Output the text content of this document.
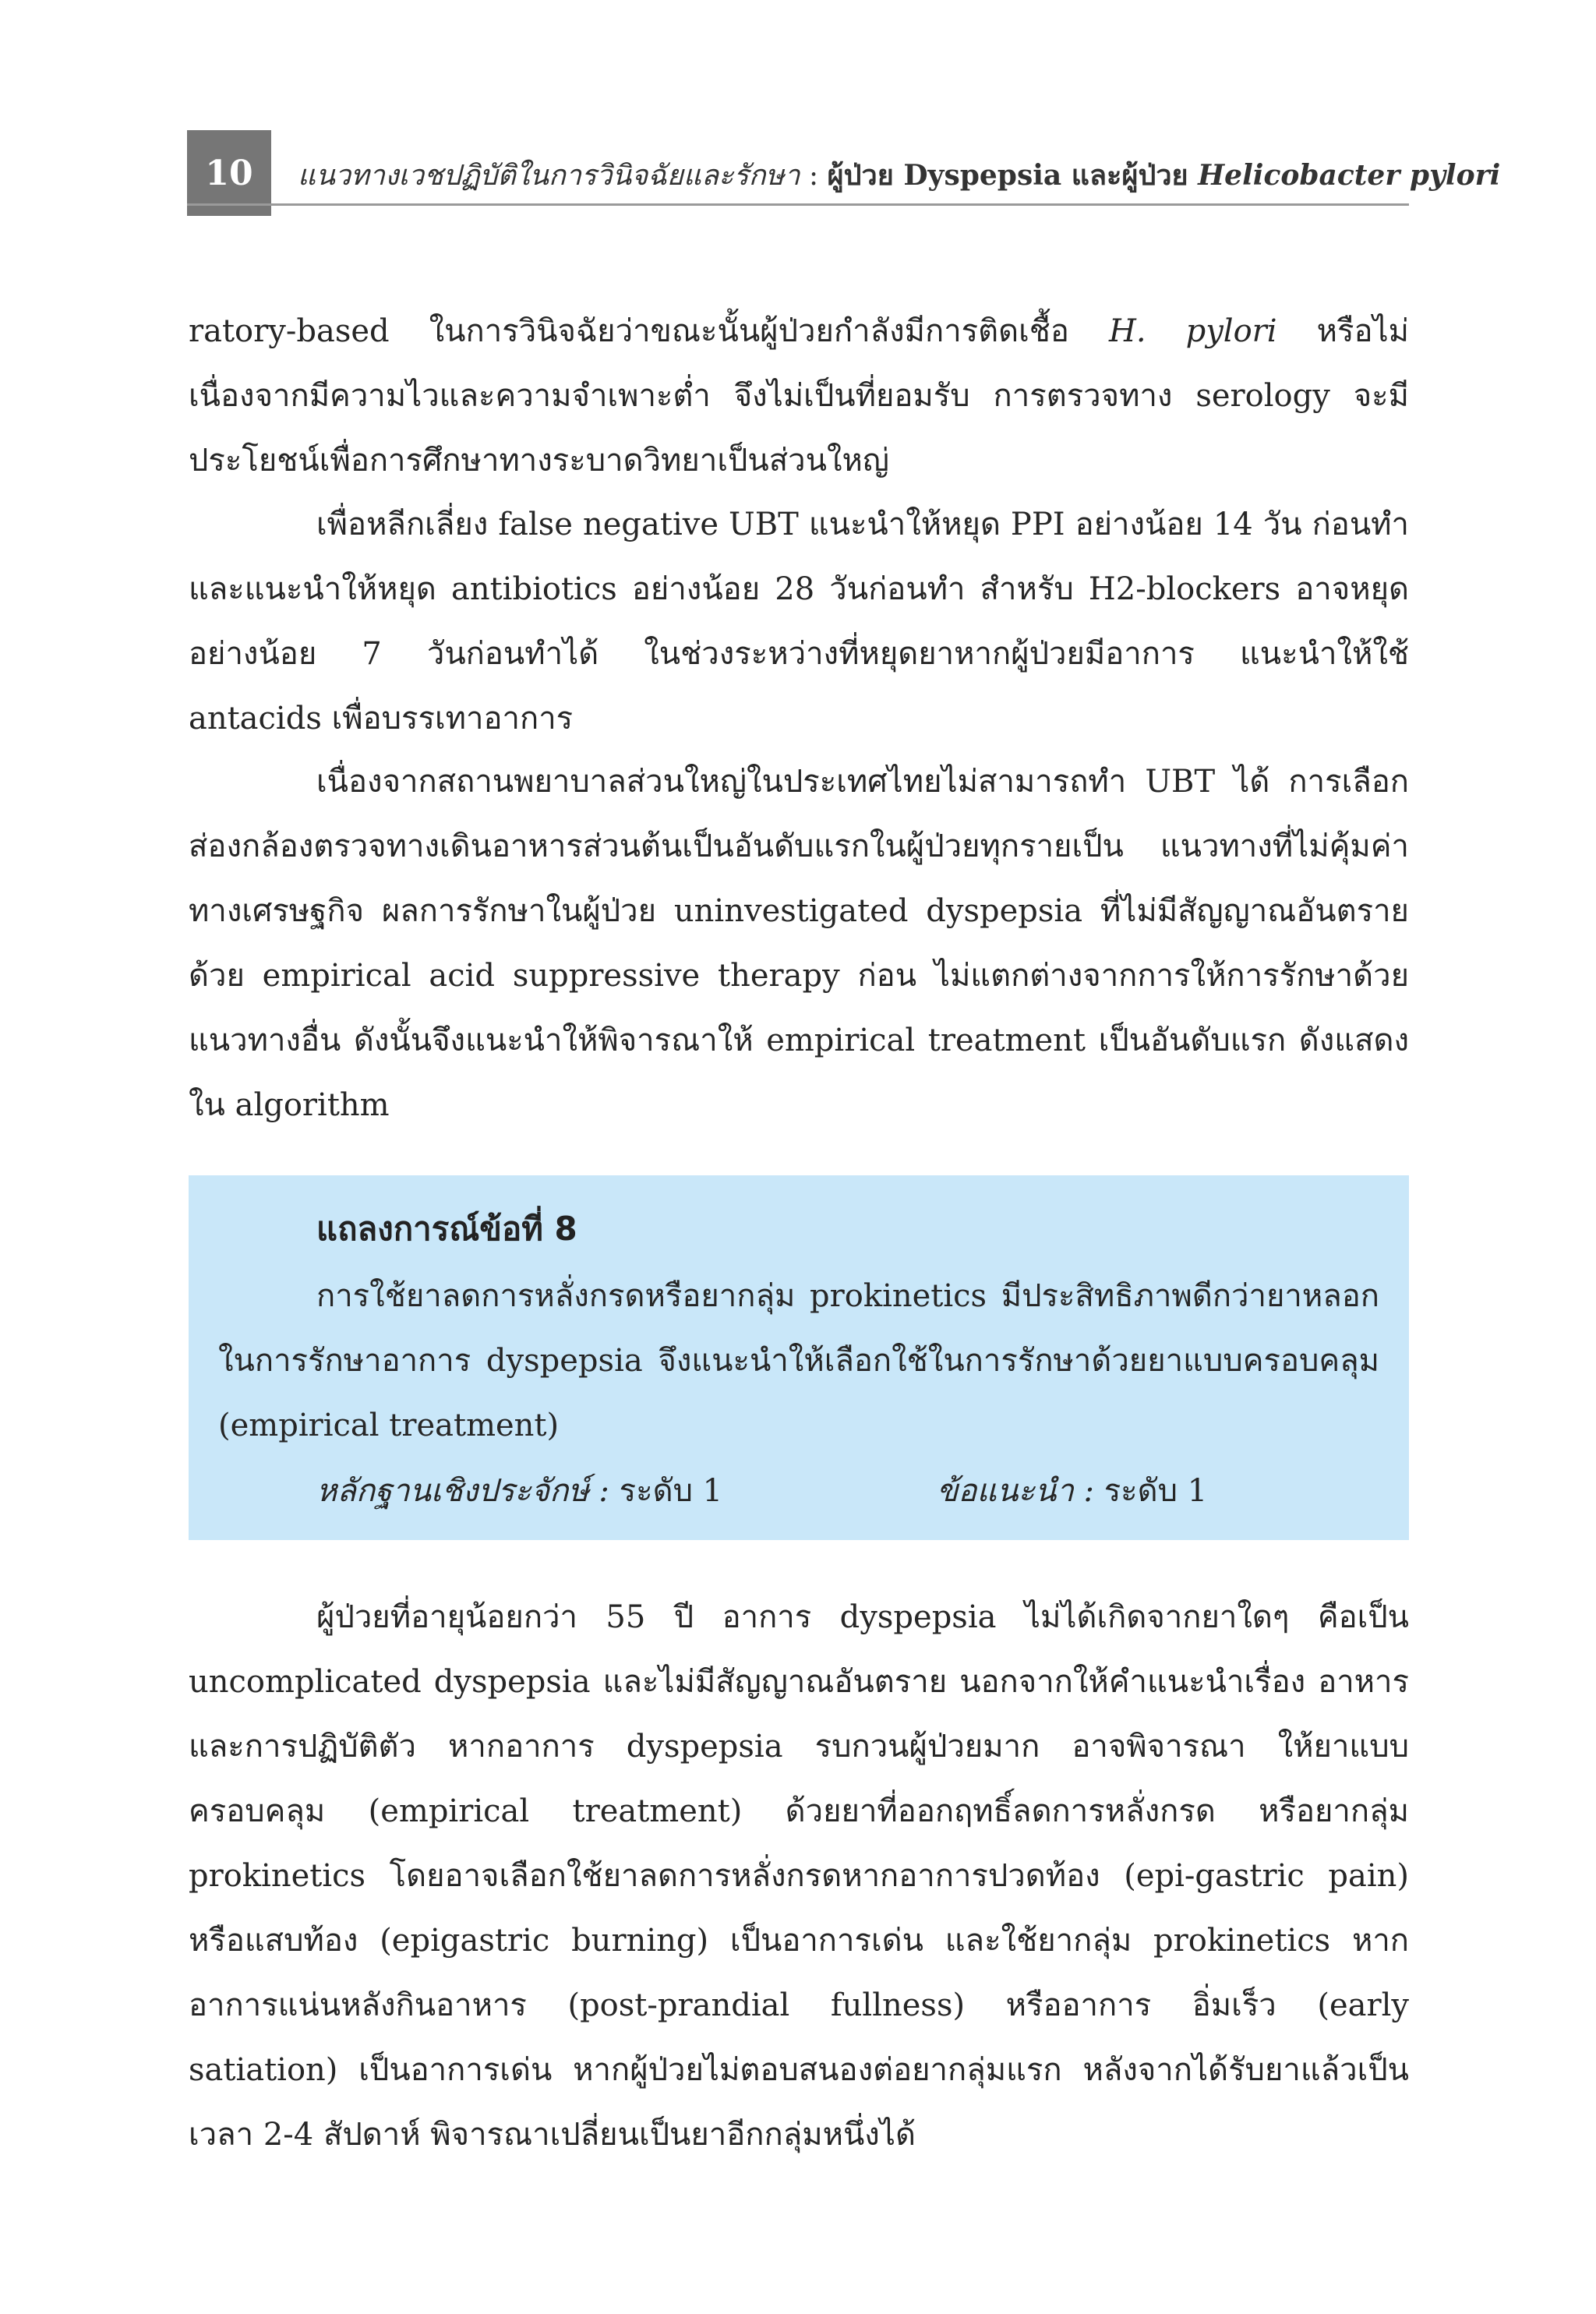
10 แนวทางเวชปฏิบัติในการวินิจฉัยและรักษา : ผู้ป่วย Dyspepsia และผู้ป่วย Helicobacter pylori

ratory-based ในการวินิจฉัยว่าขณะนั้นผู้ป่วยกำลังมีการติดเชื้อ H. pylori หรือไม่ เนื่องจากมีความไวและความจำเพาะต่ำ จึงไม่เป็นที่ยอมรับ การตรวจทาง serology จะมีประโยชน์เพื่อการศึกษาทางระบาดวิทยาเป็นส่วนใหญ่

เพื่อหลีกเลี่ยง false negative UBT แนะนำให้หยุด PPI อย่างน้อย 14 วัน ก่อนทำ และแนะนำให้หยุด antibiotics อย่างน้อย 28 วันก่อนทำ สำหรับ H2-blockers อาจหยุดอย่างน้อย 7 วันก่อนทำได้ ในช่วงระหว่างที่หยุดยาหากผู้ป่วยมีอาการ แนะนำให้ใช้ antacids เพื่อบรรเทาอาการ

เนื่องจากสถานพยาบาลส่วนใหญ่ในประเทศไทยไม่สามารถทำ UBT ได้ การเลือกส่องกล้องตรวจทางเดินอาหารส่วนต้นเป็นอันดับแรกในผู้ป่วยทุกรายเป็น แนวทางที่ไม่คุ้มค่าทางเศรษฐกิจ ผลการรักษาในผู้ป่วย uninvestigated dyspepsia ที่ไม่มีสัญญาณอันตรายด้วย empirical acid suppressive therapy ก่อน ไม่แตกต่างจากการให้การรักษาด้วยแนวทางอื่น ดังนั้นจึงแนะนำให้พิจารณาให้ empirical treatment เป็นอันดับแรก ดังแสดงใน algorithm

แถลงการณ์ข้อที่ 8

การใช้ยาลดการหลั่งกรดหรือยากลุ่ม prokinetics มีประสิทธิภาพดีกว่ายาหลอกในการรักษาอาการ dyspepsia จึงแนะนำให้เลือกใช้ในการรักษาด้วยยาแบบครอบคลุม (empirical treatment)

หลักฐานเชิงประจักษ์ : ระดับ 1	ข้อแนะนำ : ระดับ 1

ผู้ป่วยที่อายุน้อยกว่า 55 ปี อาการ dyspepsia ไม่ได้เกิดจากยาใดๆ คือเป็น uncomplicated dyspepsia และไม่มีสัญญาณอันตราย นอกจากให้คำแนะนำเรื่อง อาหารและการปฏิบัติตัว หากอาการ dyspepsia รบกวนผู้ป่วยมาก อาจพิจารณา ให้ยาแบบครอบคลุม (empirical treatment) ด้วยยาที่ออกฤทธิ์ลดการหลั่งกรด หรือยากลุ่ม prokinetics โดยอาจเลือกใช้ยาลดการหลั่งกรดหากอาการปวดท้อง (epi-gastric pain) หรือแสบท้อง (epigastric burning) เป็นอาการเด่น และใช้ยากลุ่ม prokinetics หากอาการแน่นหลังกินอาหาร (post-prandial fullness) หรืออาการ อิ่มเร็ว (early satiation) เป็นอาการเด่น หากผู้ป่วยไม่ตอบสนองต่อยากลุ่มแรก หลังจากได้รับยาแล้วเป็นเวลา 2-4 สัปดาห์ พิจารณาเปลี่ยนเป็นยาอีกกลุ่มหนึ่งได้
